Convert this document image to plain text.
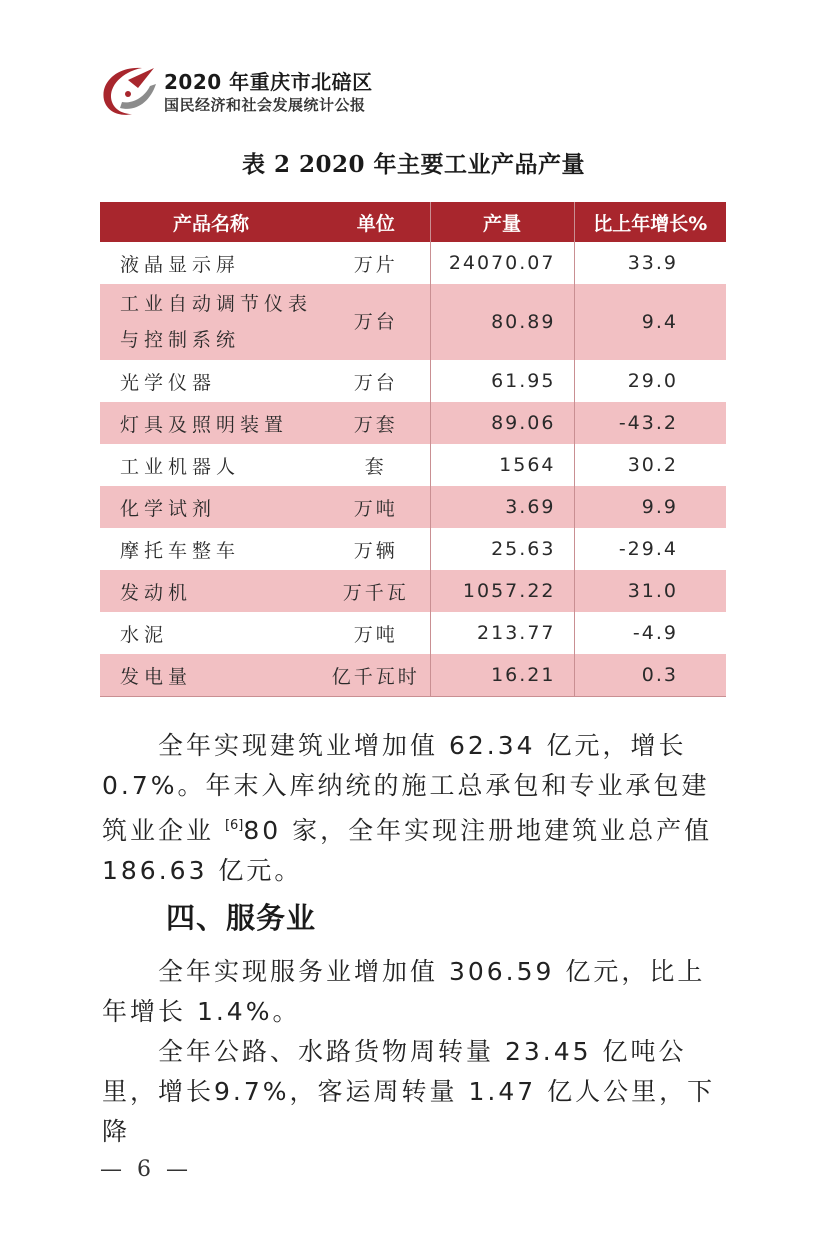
2020 年重庆市北碚区
国民经济和社会发展统计公报
表 2 2020 年主要工业产品产量
产品名称	单位	产量	比上年增长%
液晶显示屏	万片	24070.07	33.9
工业自动调节仪表
与控制系统	万台	80.89	9.4
光学仪器	万台	61.95	29.0
灯具及照明装置	万套	89.06	-43.2
工业机器人	套	1564	30.2
化学试剂	万吨	3.69	9.9
摩托车整车	万辆	25.63	-29.4
发动机	万千瓦	1057.22	31.0
水泥	万吨	213.77	-4.9
发电量	亿千瓦时	16.21	0.3

全年实现建筑业增加值 62.34 亿元，增长 0.7%。年末入库纳统的施工总承包和专业承包建筑业企业 [6]80 家，全年实现注册地建筑业总产值 186.63 亿元。

四、服务业

全年实现服务业增加值 306.59 亿元，比上年增长 1.4%。

全年公路、水路货物周转量 23.45 亿吨公里，增长9.7%，客运周转量 1.47 亿人公里，下降

— 6 —
